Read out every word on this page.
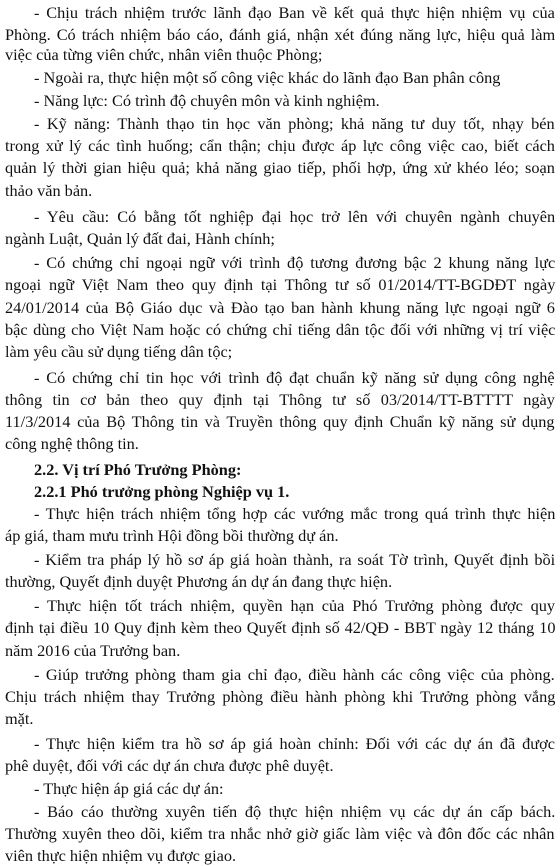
- Chịu trách nhiệm trước lãnh đạo Ban về kết quả thực hiện nhiệm vụ của

Phòng. Có trách nhiệm báo cáo, đánh giá, nhận xét đúng năng lực, hiệu quả làm

việc của từng viên chức, nhân viên thuộc Phòng;

- Ngoài ra, thực hiện một số công việc khác do lãnh đạo Ban phân công

- Năng lực: Có trình độ chuyên môn và kinh nghiệm.

- Kỹ năng: Thành thạo tin học văn phòng; khả năng tư duy tốt, nhạy bén

trong xử lý các tình huống; cẩn thận; chịu được áp lực công việc cao, biết cách

quản lý thời gian hiệu quả; khả năng giao tiếp, phối hợp, ứng xử khéo léo; soạn

thảo văn bản.

- Yêu cầu: Có bằng tốt nghiệp đại học trở lên với chuyên ngành chuyên

ngành Luật, Quản lý đất đai, Hành chính;

- Có chứng chỉ ngoại ngữ với trình độ tương đương bậc 2 khung năng lực

ngoại ngữ Việt Nam theo quy định tại Thông tư số 01/2014/TT-BGDĐT ngày

24/01/2014 của Bộ Giáo dục và Đào tạo ban hành khung năng lực ngoại ngữ 6

bậc dùng cho Việt Nam hoặc có chứng chỉ tiếng dân tộc đối với những vị trí việc

làm yêu cầu sử dụng tiếng dân tộc;

- Có chứng chỉ tin học với trình độ đạt chuẩn kỹ năng sử dụng công nghệ

thông tin cơ bản theo quy định tại Thông tư số 03/2014/TT-BTTTT ngày

11/3/2014 của Bộ Thông tin và Truyền thông quy định Chuẩn kỹ năng sử dụng

công nghệ thông tin.

2.2. Vị trí Phó Trưởng Phòng:

2.2.1 Phó trưởng phòng Nghiệp vụ 1.

- Thực hiện trách nhiệm tổng hợp các vướng mắc trong quá trình thực hiện

áp giá, tham mưu trình Hội đồng bồi thường dự án.

- Kiểm tra pháp lý hồ sơ áp giá hoàn thành, ra soát Tờ trình, Quyết định bồi

thường, Quyết định duyệt Phương án dự án đang thực hiện.

- Thực hiện tốt trách nhiệm, quyền hạn của Phó Trưởng phòng được quy

định tại điều 10 Quy định kèm theo Quyết định số 42/QĐ - BBT ngày 12 tháng 10

năm 2016 của Trưởng ban.

- Giúp trưởng phòng tham gia chỉ đạo, điều hành các công việc của phòng.

Chịu trách nhiệm thay Trưởng phòng điều hành phòng khi Trưởng phòng vắng

mặt.

- Thực hiện kiểm tra hồ sơ áp giá hoàn chỉnh: Đối với các dự án đã được

phê duyệt, đối với các dự án chưa được phê duyệt.

- Thực hiện áp giá các dự án:

- Báo cáo thường xuyên tiến độ thực hiện nhiệm vụ các dự án cấp bách.

Thường xuyên theo dõi, kiểm tra nhắc nhở giờ giấc làm việc và đôn đốc các nhân

viên thực hiện nhiệm vụ được giao.
